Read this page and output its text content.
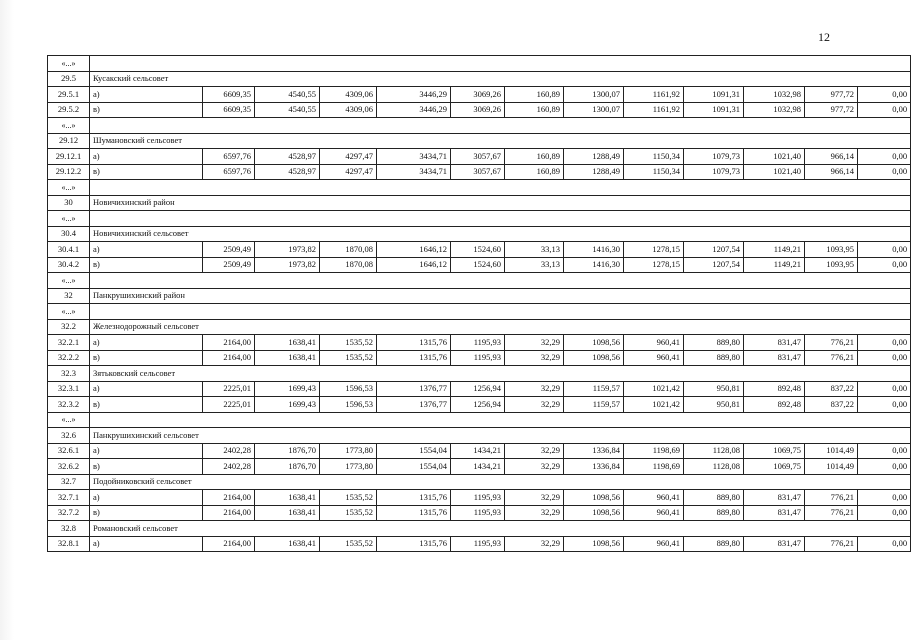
12
«...»													
29.5	Кусакский сельсовет												
29.5.1	а)	6609,35	4540,55	4309,06	3446,29	3069,26	160,89	1300,07	1161,92	1091,31	1032,98	977,72	0,00
29.5.2	в)	6609,35	4540,55	4309,06	3446,29	3069,26	160,89	1300,07	1161,92	1091,31	1032,98	977,72	0,00
«...»													
29.12	Шумановский сельсовет												
29.12.1	а)	6597,76	4528,97	4297,47	3434,71	3057,67	160,89	1288,49	1150,34	1079,73	1021,40	966,14	0,00
29.12.2	в)	6597,76	4528,97	4297,47	3434,71	3057,67	160,89	1288,49	1150,34	1079,73	1021,40	966,14	0,00
«...»													
30	Новичихинский район												
«...»													
30.4	Новичихинский сельсовет												
30.4.1	а)	2509,49	1973,82	1870,08	1646,12	1524,60	33,13	1416,30	1278,15	1207,54	1149,21	1093,95	0,00
30.4.2	в)	2509,49	1973,82	1870,08	1646,12	1524,60	33,13	1416,30	1278,15	1207,54	1149,21	1093,95	0,00
«...»													
32	Панкрушихинский район												
«...»													
32.2	Железнодорожный сельсовет												
32.2.1	а)	2164,00	1638,41	1535,52	1315,76	1195,93	32,29	1098,56	960,41	889,80	831,47	776,21	0,00
32.2.2	в)	2164,00	1638,41	1535,52	1315,76	1195,93	32,29	1098,56	960,41	889,80	831,47	776,21	0,00
32.3	Зятьковский сельсовет												
32.3.1	а)	2225,01	1699,43	1596,53	1376,77	1256,94	32,29	1159,57	1021,42	950,81	892,48	837,22	0,00
32.3.2	в)	2225,01	1699,43	1596,53	1376,77	1256,94	32,29	1159,57	1021,42	950,81	892,48	837,22	0,00
«...»													
32.6	Панкрушихинский сельсовет												
32.6.1	а)	2402,28	1876,70	1773,80	1554,04	1434,21	32,29	1336,84	1198,69	1128,08	1069,75	1014,49	0,00
32.6.2	в)	2402,28	1876,70	1773,80	1554,04	1434,21	32,29	1336,84	1198,69	1128,08	1069,75	1014,49	0,00
32.7	Подойниковский сельсовет												
32.7.1	а)	2164,00	1638,41	1535,52	1315,76	1195,93	32,29	1098,56	960,41	889,80	831,47	776,21	0,00
32.7.2	в)	2164,00	1638,41	1535,52	1315,76	1195,93	32,29	1098,56	960,41	889,80	831,47	776,21	0,00
32.8	Романовский сельсовет												
32.8.1	а)	2164,00	1638,41	1535,52	1315,76	1195,93	32,29	1098,56	960,41	889,80	831,47	776,21	0,00
